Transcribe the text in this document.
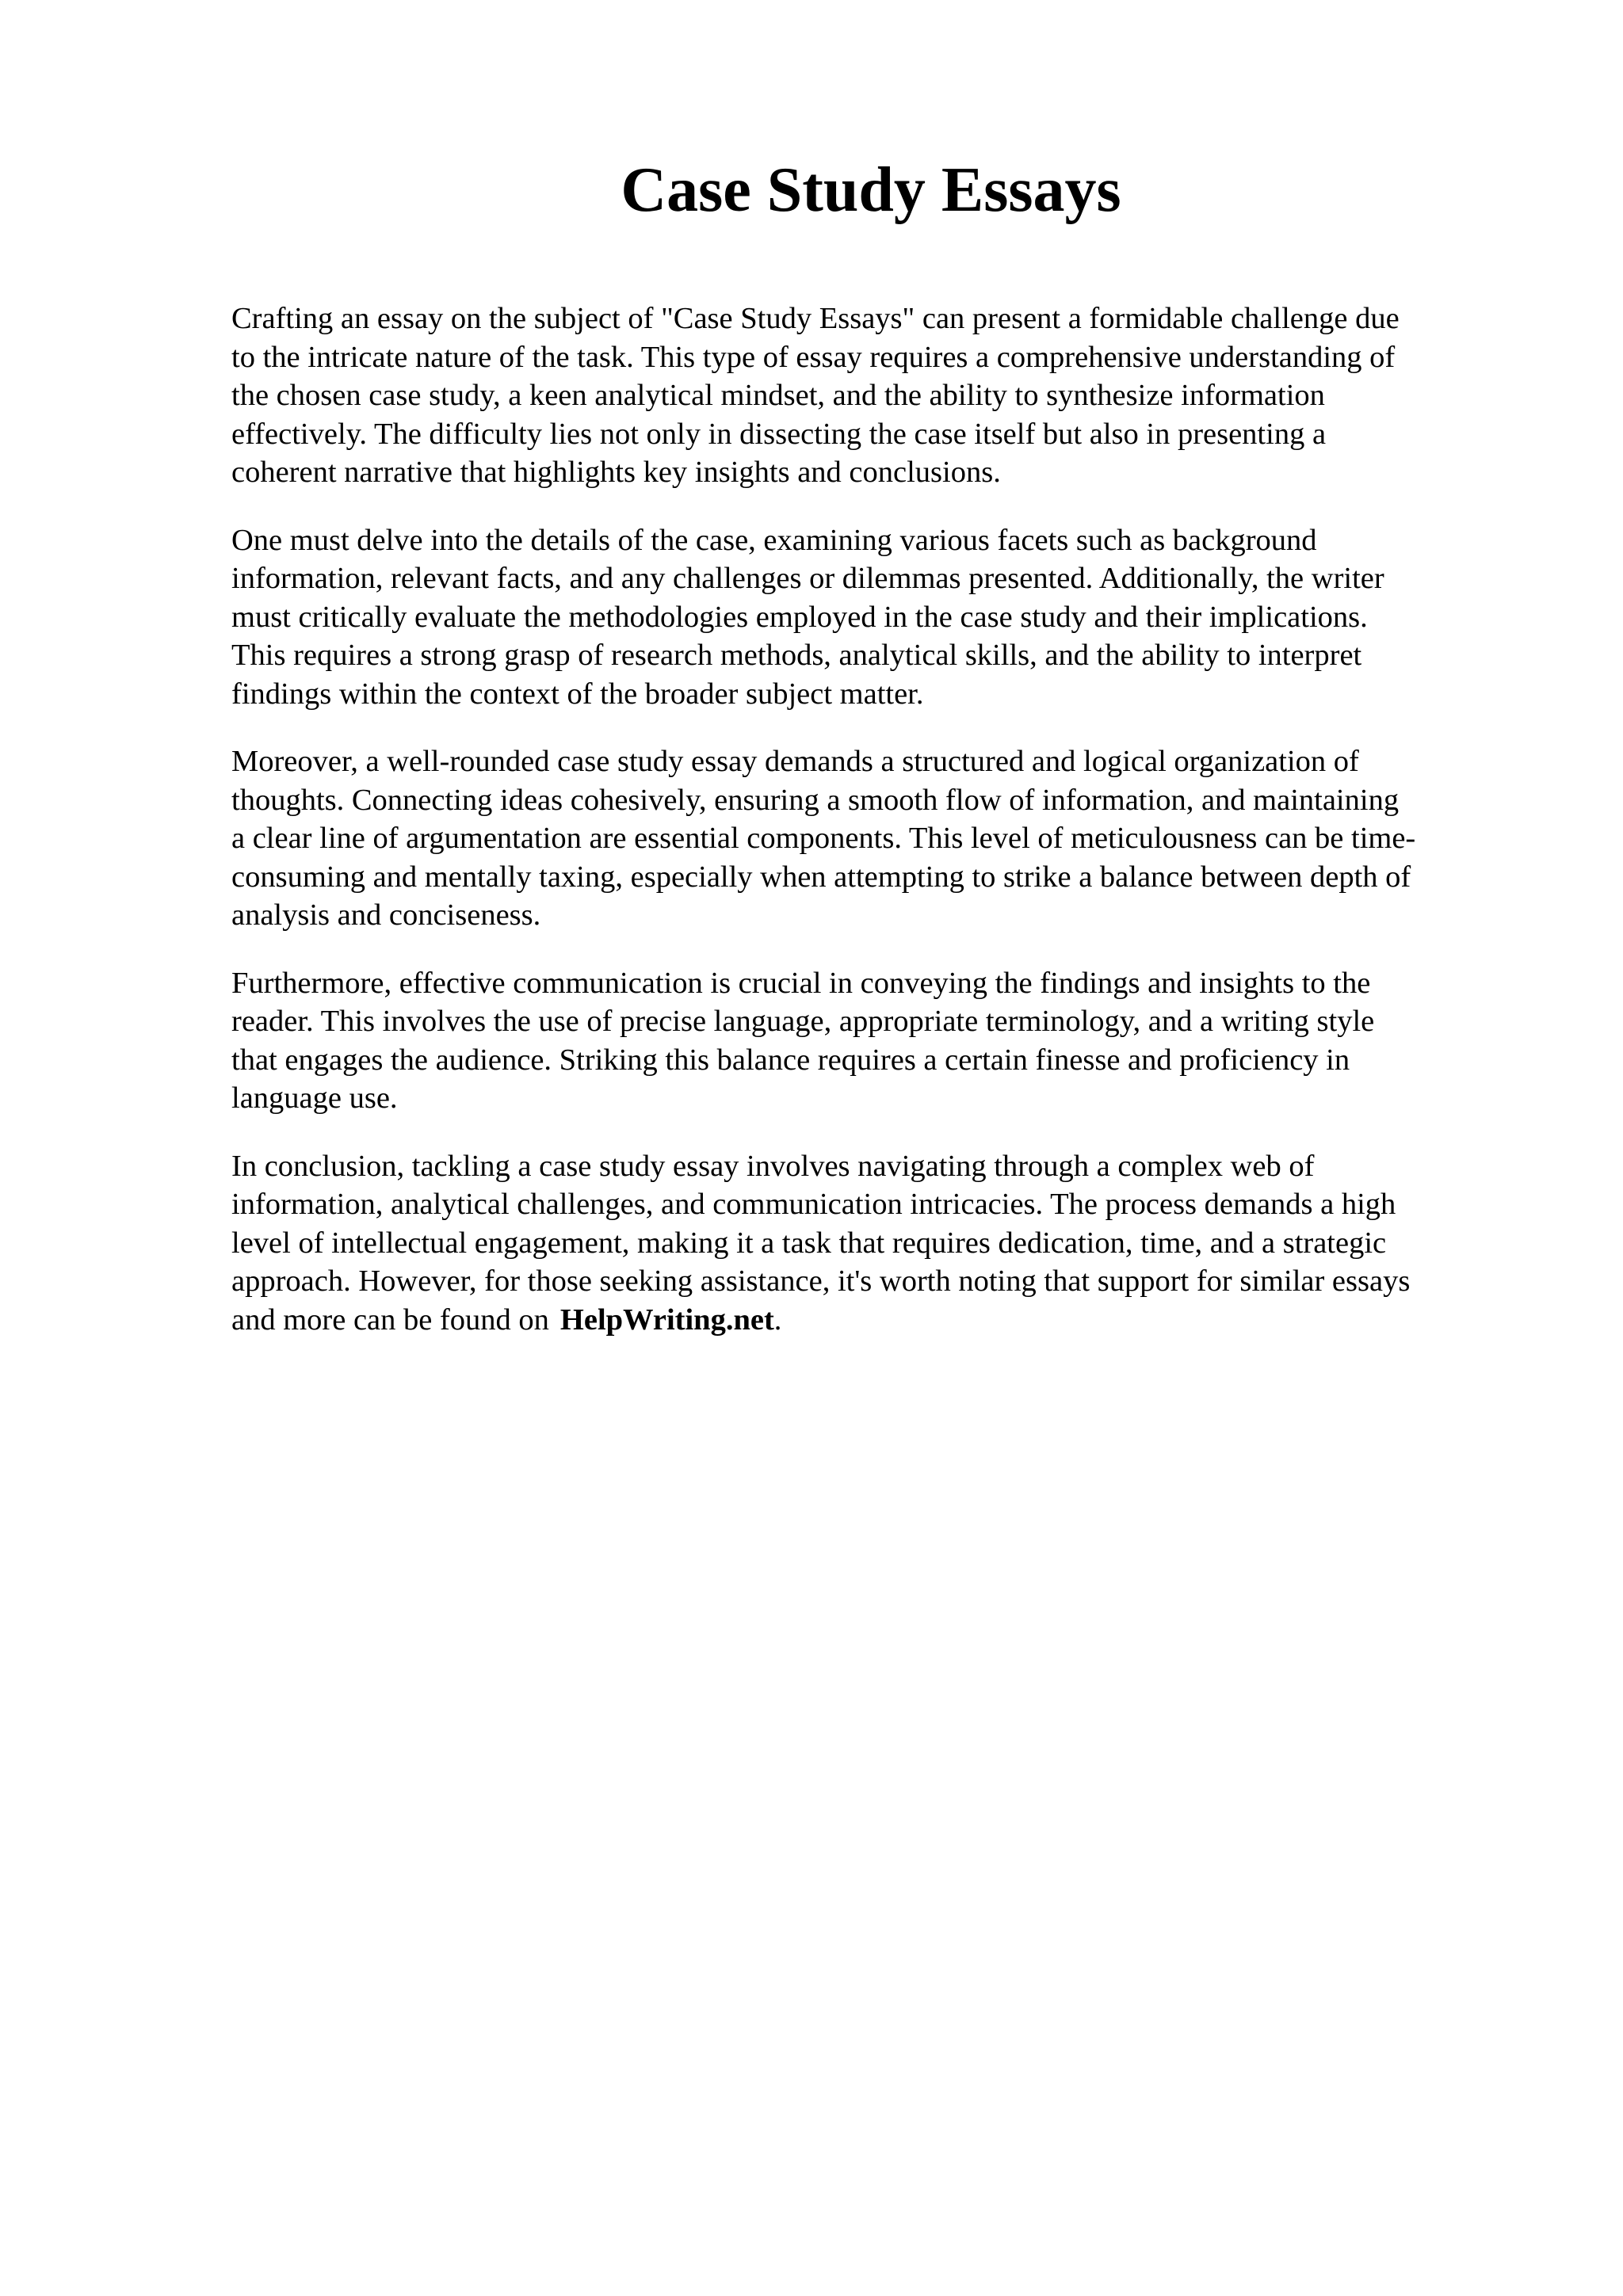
Case Study Essays

Crafting an essay on the subject of "Case Study Essays" can present a formidable challenge due
to the intricate nature of the task. This type of essay requires a comprehensive understanding of
the chosen case study, a keen analytical mindset, and the ability to synthesize information
effectively. The difficulty lies not only in dissecting the case itself but also in presenting a
coherent narrative that highlights key insights and conclusions.

One must delve into the details of the case, examining various facets such as background
information, relevant facts, and any challenges or dilemmas presented. Additionally, the writer
must critically evaluate the methodologies employed in the case study and their implications.
This requires a strong grasp of research methods, analytical skills, and the ability to interpret
findings within the context of the broader subject matter.

Moreover, a well-rounded case study essay demands a structured and logical organization of
thoughts. Connecting ideas cohesively, ensuring a smooth flow of information, and maintaining
a clear line of argumentation are essential components. This level of meticulousness can be time-
consuming and mentally taxing, especially when attempting to strike a balance between depth of
analysis and conciseness.

Furthermore, effective communication is crucial in conveying the findings and insights to the
reader. This involves the use of precise language, appropriate terminology, and a writing style
that engages the audience. Striking this balance requires a certain finesse and proficiency in
language use.

In conclusion, tackling a case study essay involves navigating through a complex web of
information, analytical challenges, and communication intricacies. The process demands a high
level of intellectual engagement, making it a task that requires dedication, time, and a strategic
approach. However, for those seeking assistance, it's worth noting that support for similar essays
and more can be found on HelpWriting.net.
